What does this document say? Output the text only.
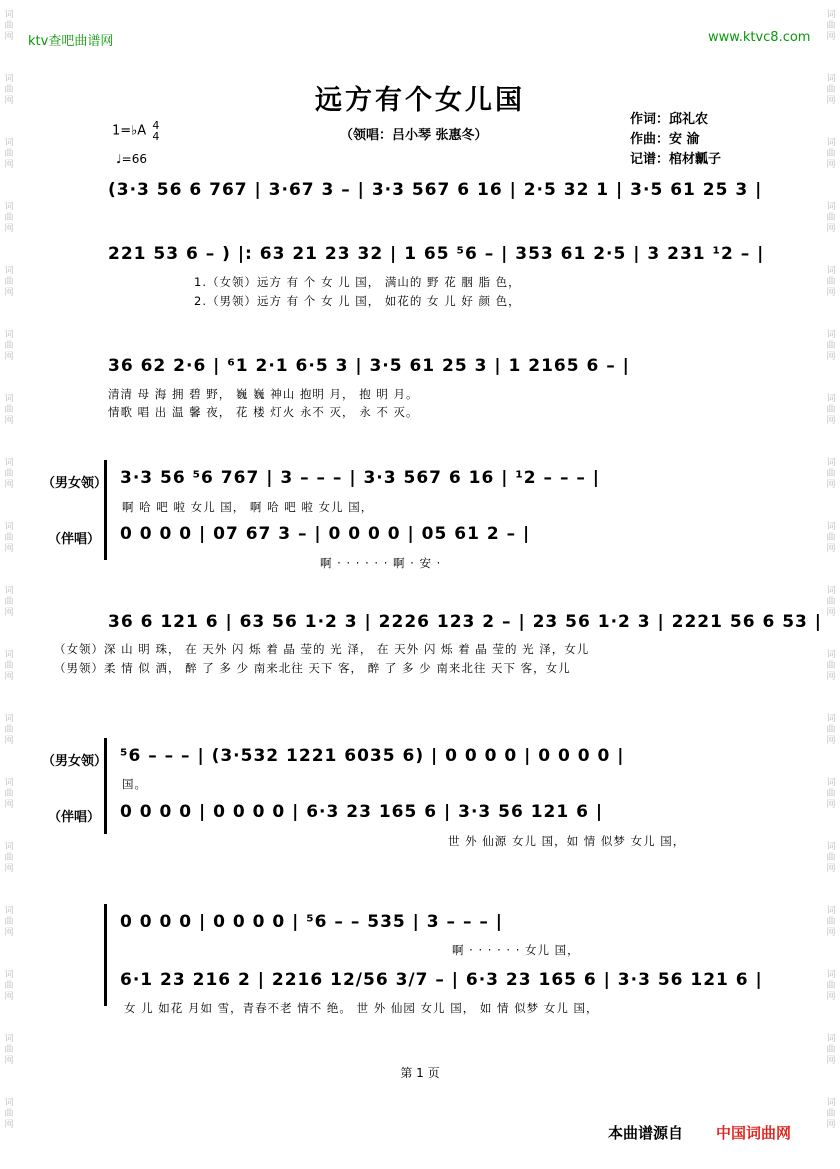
词
曲
网
词
曲
网
词
曲
网
词
曲
网
词
曲
网
词
曲
网
词
曲
网
词
曲
网
词
曲
网
词
曲
网
词
曲
网
词
曲
网
词
曲
网
词
曲
网
词
曲
网
词
曲
网
词
曲
网
词
曲
网
词
曲
网
词
曲
网
词
曲
网
词
曲
网
词
曲
网
词
曲
网
词
曲
网
词
曲
网
词
曲
网
词
曲
网
词
曲
网
词
曲
网
词
曲
网
词
曲
网
词
曲
网
词
曲
网
词
曲
网
词
曲
网
ktv查吧曲谱网	www.ktvc8.com
远方有个女儿国
（领唱：吕小琴 张惠冬）
作词：邱礼农
作曲：安 渝
记谱：棺材瓤子
1=♭A 4
4
♩=66
(3·3 56 6 767 | 3·67 3 – | 3·3 567 6 16 | 2·5 32 1 | 3·5 61 25 3 |
221 53 6 – ) |: 63 21 23 32 | 1 65 ⁵6 – | 353 61 2·5 | 3 231 ¹2 – |
1.（女领）远方 有 个 女 儿 国， 满山的 野 花 胭 脂 色，
2.（男领）远方 有 个 女 儿 国， 如花的 女 儿 好 颜 色，
36 62 2·6 | ⁶1 2·1 6·5 3 | 3·5 61 25 3 | 1 2165 6 – |
清清 母 海 拥 碧 野， 巍 巍 神山 抱明 月， 抱 明 月。
情歌 唱 出 温 馨 夜， 花 楼 灯火 永不 灭， 永 不 灭。
（男女领） 3·3 56 ⁵6 767 | 3 – – – | 3·3 567 6 16 | ¹2 – – – |
啊 哈 吧 啦 女儿 国， 啊 哈 吧 啦 女儿 国，
（伴唱） 0 0 0 0 | 07 67 3 – | 0 0 0 0 | 05 61 2 – |
啊 · · · · · · 啊 · 安 ·
36 6 121 6 | 63 56 1·2 3 | 2226 123 2 – | 23 56 1·2 3 | 2221 56 6 53 |
（女领）深 山 明 珠， 在 天外 闪 烁 着 晶 莹的 光 泽， 在 天外 闪 烁 着 晶 莹的 光 泽，女儿
（男领）柔 情 似 酒， 醉 了 多 少 南来北往 天下 客， 醉 了 多 少 南来北往 天下 客，女儿
（男女领） ⁵6 – – – | (3·532 1221 6035 6) | 0 0 0 0 | 0 0 0 0 |
国。
（伴唱） 0 0 0 0 | 0 0 0 0 | 6·3 23 165 6 | 3·3 56 121 6 |
世 外 仙源 女儿 国，如 情 似梦 女儿 国，
0 0 0 0 | 0 0 0 0 | ⁵6 – – 535 | 3 – – – |
啊 · · · · · · 女儿 国，
6·1 23 216 2 | 2216 12/56 3/7 – | 6·3 23 165 6 | 3·3 56 121 6 |
女 儿 如花 月如 雪，青春不老 情不 绝。 世 外 仙园 女儿 国， 如 情 似梦 女儿 国，
第 1 页
本曲谱源自 中国词曲网
